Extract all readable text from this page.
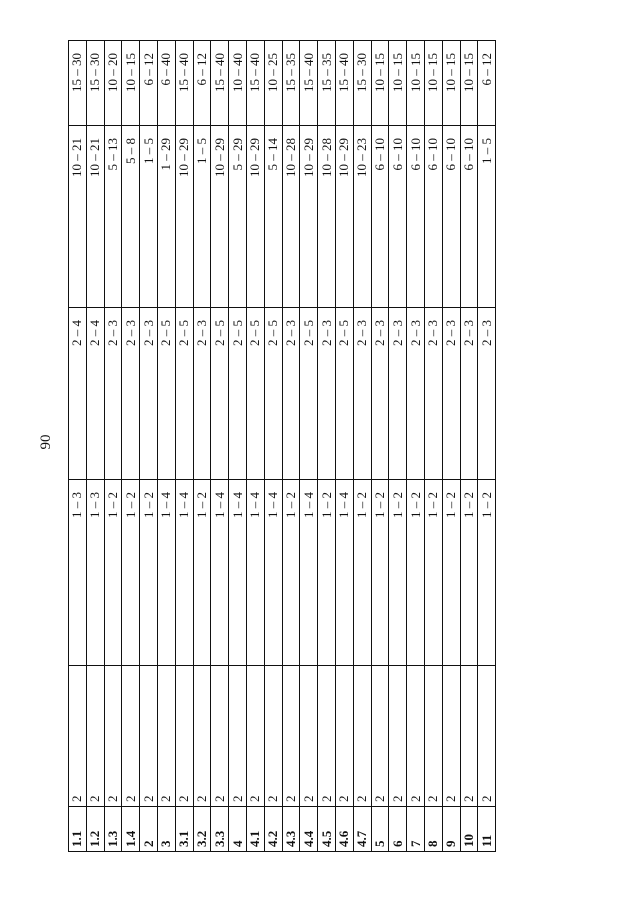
90
1.1	2	1 – 3	2 – 4	10 – 21	15 – 30
1.2	2	1 – 3	2 – 4	10 – 21	15 – 30
1.3	2	1 – 2	2 – 3	5 – 13	10 – 20
1.4	2	1 – 2	2 – 3	5 – 8	10 – 15
2	2	1 – 2	2 – 3	1 – 5	6 – 12
3	2	1 – 4	2 – 5	1 – 29	6 – 40
3.1	2	1 – 4	2 – 5	10 – 29	15 – 40
3.2	2	1 – 2	2 – 3	1 – 5	6 – 12
3.3	2	1 – 4	2 – 5	10 – 29	15 – 40
4	2	1 – 4	2 – 5	5 – 29	10 – 40
4.1	2	1 – 4	2 – 5	10 – 29	15 – 40
4.2	2	1 – 4	2 – 5	5 – 14	10 – 25
4.3	2	1 – 2	2 – 3	10 – 28	15 – 35
4.4	2	1 – 4	2 – 5	10 – 29	15 – 40
4.5	2	1 – 2	2 – 3	10 – 28	15 – 35
4.6	2	1 – 4	2 – 5	10 – 29	15 – 40
4.7	2	1 – 2	2 – 3	10 – 23	15 – 30
5	2	1 – 2	2 – 3	6 – 10	10 – 15
6	2	1 – 2	2 – 3	6 – 10	10 – 15
7	2	1 – 2	2 – 3	6 – 10	10 – 15
8	2	1 – 2	2 – 3	6 – 10	10 – 15
9	2	1 – 2	2 – 3	6 – 10	10 – 15
10	2	1 – 2	2 – 3	6 – 10	10 – 15
11	2	1 – 2	2 – 3	1 – 5	6 – 12
